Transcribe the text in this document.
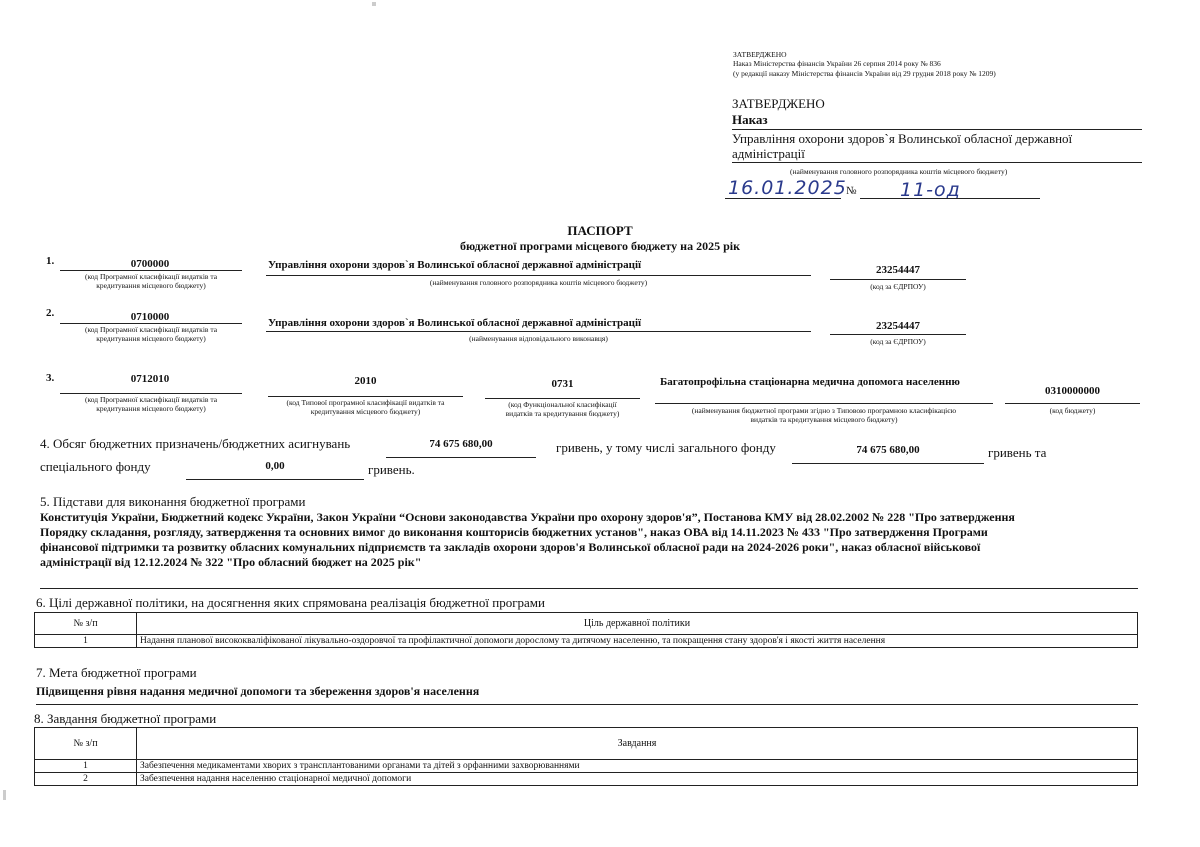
ЗАТВЕРДЖЕНО
Наказ Міністерства фінансів України 26 серпня 2014 року № 836
(у редакції наказу Міністерства фінансів України від 29 грудня 2018 року № 1209)
ЗАТВЕРДЖЕНО
Наказ
Управління охорони здоров`я Волинської обласної державної
адміністрації
(найменування головного розпорядника коштів місцевого бюджету)
16.01.2025 № 11-од
ПАСПОРТ
бюджетної програми місцевого бюджету на 2025 рік
1.	0700000
(код Програмної класифікації видатків та
кредитування місцевого бюджету)
Управління охорони здоров`я Волинської обласної державної адміністрації
(найменування головного розпорядника коштів місцевого бюджету)
23254447
(код за ЄДРПОУ)
2.	0710000
(код Програмної класифікації видатків та
кредитування місцевого бюджету)
Управління охорони здоров`я Волинської обласної державної адміністрації
(найменування відповідального виконавця)
23254447
(код за ЄДРПОУ)
3.	0712010
(код Програмної класифікації видатків та
кредитування місцевого бюджету)
2010
(код Типової програмної класифікації видатків та
кредитування місцевого бюджету)
0731
(код Функціональної класифікації
видатків та кредитування бюджету)
Багатопрофільна стаціонарна медична допомога населенню
(найменування бюджетної програми згідно з Типовою програмною класифікацією
видатків та кредитування місцевого бюджету)
0310000000
(код бюджету)
4. Обсяг бюджетних призначень/бюджетних асигнувань	74 675 680,00	гривень, у тому числі загального фонду	74 675 680,00	гривень та
спеціального фонду	0,00	гривень.
5. Підстави для виконання бюджетної програми
Конституція України, Бюджетний кодекс України, Закон України “Основи законодавства України про охорону здоров'я”, Постанова КМУ від 28.02.2002 № 228 "Про затвердження
Порядку складання, розгляду, затвердження та основних вимог до виконання кошторисів бюджетних установ", наказ ОВА від 14.11.2023 № 433 "Про затвердження Програми
фінансової підтримки та розвитку обласних комунальних підприємств та закладів охорони здоров'я Волинської обласної ради на 2024-2026 роки", наказ обласної військової
адміністрації від 12.12.2024 № 322 "Про обласний бюджет на 2025 рік"
6. Цілі державної політики, на досягнення яких спрямована реалізація бюджетної програми
№ з/п	Ціль державної політики
1	Надання планової висококваліфікованої лікувально-оздоровчої та профілактичної допомоги дорослому та дитячому населенню, та покращення стану здоров'я і якості життя населення
7. Мета бюджетної програми
Підвищення рівня надання медичної допомоги та збереження здоров'я населення
8. Завдання бюджетної програми
№ з/п	Завдання
1	Забезпечення медикаментами хворих з трансплантованими органами та дітей з орфанними захворюваннями
2	Забезпечення надання населенню стаціонарної медичної допомоги
